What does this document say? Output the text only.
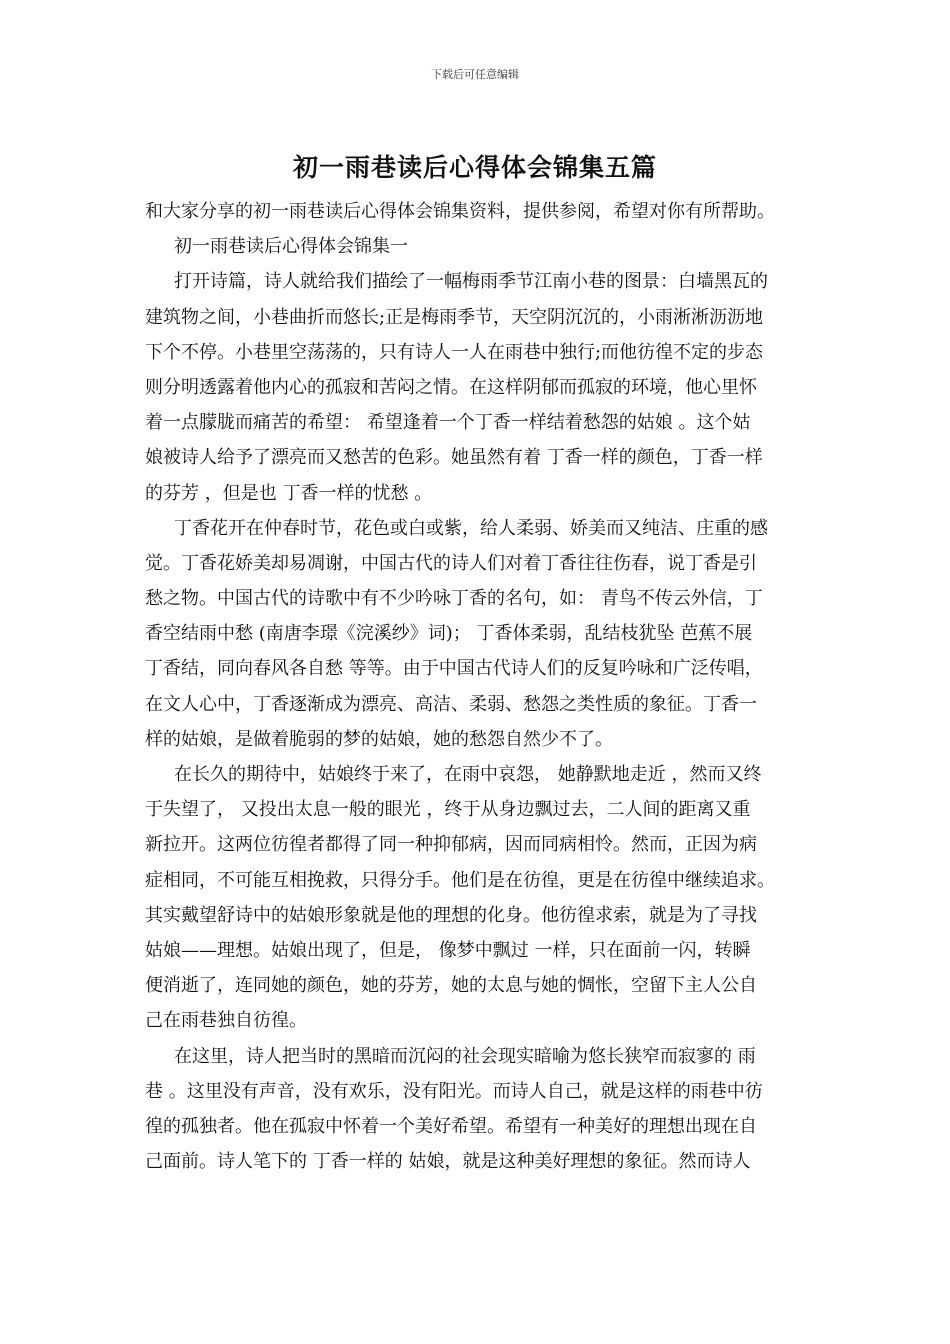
下载后可任意编辑
初一雨巷读后心得体会锦集五篇
和大家分享的初一雨巷读后心得体会锦集资料，提供参阅，希望对你有所帮助。
初一雨巷读后心得体会锦集一
打开诗篇，诗人就给我们描绘了一幅梅雨季节江南小巷的图景：白墙黑瓦的
建筑物之间，小巷曲折而悠长;正是梅雨季节，天空阴沉沉的，小雨淅淅沥沥地
下个不停。小巷里空荡荡的，只有诗人一人在雨巷中独行;而他彷徨不定的步态
则分明透露着他内心的孤寂和苦闷之情。在这样阴郁而孤寂的环境，他心里怀
着一点朦胧而痛苦的希望： 希望逢着一个丁香一样结着愁怨的姑娘 。这个姑
娘被诗人给予了漂亮而又愁苦的色彩。她虽然有着 丁香一样的颜色，丁香一样
的芬芳 ，但是也 丁香一样的忧愁 。
丁香花开在仲春时节，花色或白或紫，给人柔弱、娇美而又纯洁、庄重的感
觉。丁香花娇美却易凋谢，中国古代的诗人们对着丁香往往伤春，说丁香是引
愁之物。中国古代的诗歌中有不少吟咏丁香的名句，如： 青鸟不传云外信，丁
香空结雨中愁 (南唐李璟《浣溪纱》词)； 丁香体柔弱，乱结枝犹坠 芭蕉不展
丁香结，同向春风各自愁 等等。由于中国古代诗人们的反复吟咏和广泛传唱，
在文人心中，丁香逐渐成为漂亮、高洁、柔弱、愁怨之类性质的象征。丁香一
样的姑娘，是做着脆弱的梦的姑娘，她的愁怨自然少不了。
在长久的期待中，姑娘终于来了，在雨中哀怨， 她静默地走近 ，然而又终
于失望了， 又投出太息一般的眼光 ，终于从身边飘过去，二人间的距离又重
新拉开。这两位彷徨者都得了同一种抑郁病，因而同病相怜。然而，正因为病
症相同，不可能互相挽救，只得分手。他们是在彷徨，更是在彷徨中继续追求。
其实戴望舒诗中的姑娘形象就是他的理想的化身。他彷徨求索，就是为了寻找
姑娘——理想。姑娘出现了，但是， 像梦中飘过 一样，只在面前一闪，转瞬
便消逝了，连同她的颜色，她的芬芳，她的太息与她的惆怅，空留下主人公自
己在雨巷独自彷徨。
在这里，诗人把当时的黑暗而沉闷的社会现实暗喻为悠长狭窄而寂寥的 雨
巷 。这里没有声音，没有欢乐，没有阳光。而诗人自己，就是这样的雨巷中彷
徨的孤独者。他在孤寂中怀着一个美好希望。希望有一种美好的理想出现在自
己面前。诗人笔下的 丁香一样的 姑娘，就是这种美好理想的象征。然而诗人
